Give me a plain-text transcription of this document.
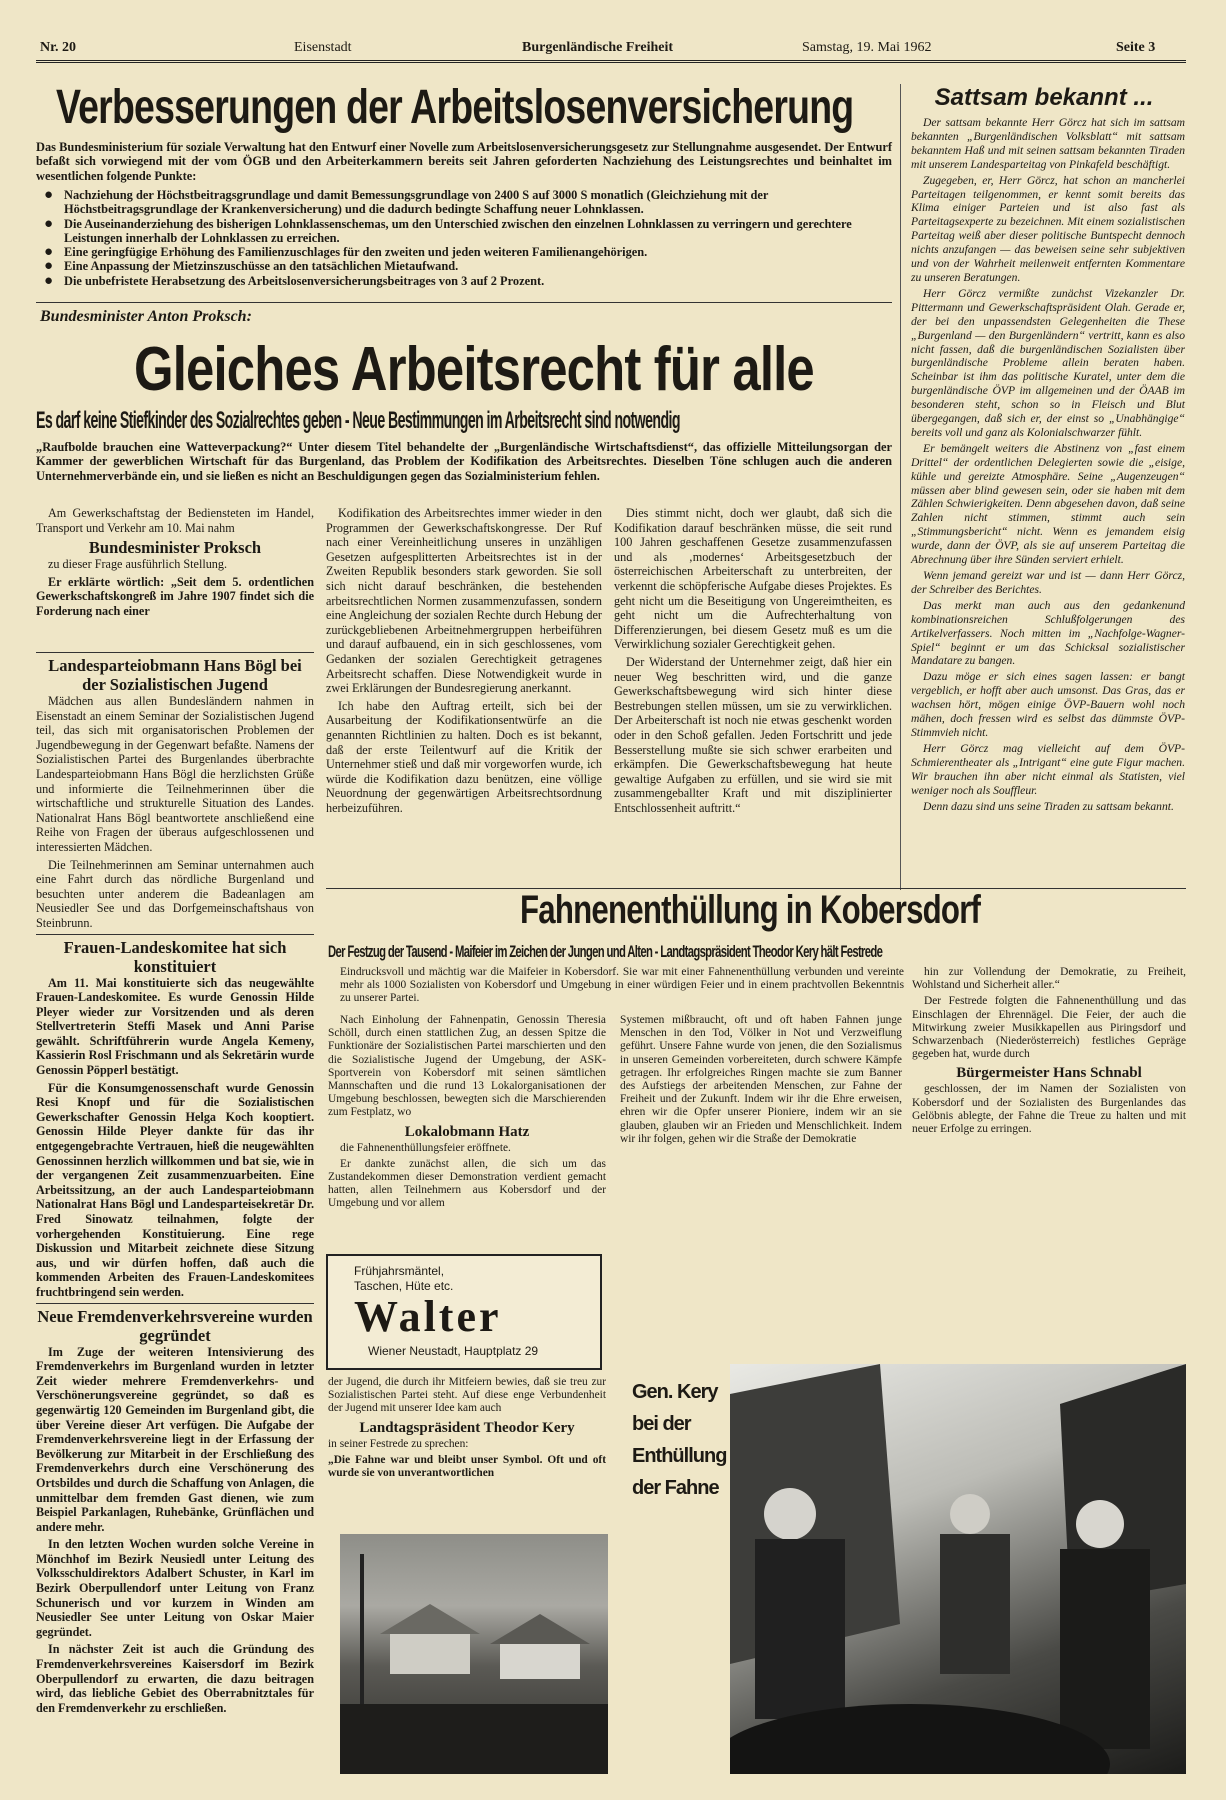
Nr. 20	Eisenstadt	Burgenländische Freiheit	Samstag, 19. Mai 1962	Seite 3
Verbesserungen der Arbeitslosenversicherung
Das Bundesministerium für soziale Verwaltung hat den Entwurf einer Novelle zum Arbeitslosenversicherungsgesetz zur Stellungnahme ausgesendet. Der Entwurf befaßt sich vorwiegend mit der vom ÖGB und den Arbeiterkammern bereits seit Jahren geforderten Nachziehung des Leistungsrechtes und beinhaltet im wesentlichen folgende Punkte:
● Nachziehung der Höchstbeitragsgrundlage und damit Bemessungsgrundlage von 2400 S auf 3000 S monatlich (Gleichziehung mit der Höchstbeitragsgrundlage der Krankenversicherung) und die dadurch bedingte Schaffung neuer Lohnklassen.
● Die Auseinanderziehung des bisherigen Lohnklassenschemas, um den Unterschied zwischen den einzelnen Lohnklassen zu verringern und gerechtere Leistungen innerhalb der Lohnklassen zu erreichen.
● Eine geringfügige Erhöhung des Familienzuschlages für den zweiten und jeden weiteren Familienangehörigen.
● Eine Anpassung der Mietzinszuschüsse an den tatsächlichen Mietaufwand.
● Die unbefristete Herabsetzung des Arbeitslosenversicherungsbeitrages von 3 auf 2 Prozent.
Bundesminister Anton Proksch:
Gleiches Arbeitsrecht für alle
Es darf keine Stiefkinder des Sozialrechtes geben - Neue Bestimmungen im Arbeitsrecht sind notwendig
„Raufbolde brauchen eine Watteverpackung?“ Unter diesem Titel behandelte der „Burgenländische Wirtschaftsdienst“, das offizielle Mitteilungsorgan der Kammer der gewerblichen Wirtschaft für das Burgenland, das Problem der Kodifikation des Arbeitsrechtes. Dieselben Töne schlugen auch die anderen Unternehmerverbände ein, und sie ließen es nicht an Beschuldigungen gegen das Sozialministerium fehlen.

Am Gewerkschaftstag der Bediensteten im Handel, Transport und Verkehr am 10. Mai nahm

Bundesminister Proksch

zu dieser Frage ausführlich Stellung.

Er erklärte wörtlich: „Seit dem 5. ordentlichen Gewerkschaftskongreß im Jahre 1907 findet sich die Forderung nach einer

Kodifikation des Arbeitsrechtes immer wieder in den Programmen der Gewerkschaftskongresse. Der Ruf nach einer Vereinheitlichung unseres in unzähligen Gesetzen aufgesplitterten Arbeitsrechtes ist in der Zweiten Republik besonders stark geworden. Sie soll sich nicht darauf beschränken, die bestehenden arbeitsrechtlichen Normen zusammenzufassen, sondern eine Angleichung der sozialen Rechte durch Hebung der zurückgebliebenen Arbeitnehmergruppen herbeiführen und darauf aufbauend, ein in sich geschlossenes, vom Gedanken der sozialen Gerechtigkeit getragenes Arbeitsrecht schaffen. Diese Notwendigkeit wurde in zwei Erklärungen der Bundesregierung anerkannt.

Ich habe den Auftrag erteilt, sich bei der Ausarbeitung der Kodifikationsentwürfe an die genannten Richtlinien zu halten. Doch es ist bekannt, daß der erste Teilentwurf auf die Kritik der Unternehmer stieß und daß mir vorgeworfen wurde, ich würde die Kodifikation dazu benützen, eine völlige Neuordnung der gegenwärtigen Arbeitsrechtsordnung herbeizuführen.

Dies stimmt nicht, doch wer glaubt, daß sich die Kodifikation darauf beschränken müsse, die seit rund 100 Jahren geschaffenen Gesetze zusammenzufassen und als ‚modernes‘ Arbeitsgesetzbuch der österreichischen Arbeiterschaft zu unterbreiten, der verkennt die schöpferische Aufgabe dieses Projektes. Es geht nicht um die Beseitigung von Ungereimtheiten, es geht nicht um die Aufrechterhaltung von Differenzierungen, bei diesem Gesetz muß es um die Verwirklichung sozialer Gerechtigkeit gehen.

Der Widerstand der Unternehmer zeigt, daß hier ein neuer Weg beschritten wird, und die ganze Gewerkschaftsbewegung wird sich hinter diese Bestrebungen stellen müssen, um sie zu verwirklichen. Der Arbeiterschaft ist noch nie etwas geschenkt worden oder in den Schoß gefallen. Jeden Fortschritt und jede Besserstellung mußte sie sich schwer erarbeiten und erkämpfen. Die Gewerkschaftsbewegung hat heute gewaltige Aufgaben zu erfüllen, und sie wird sie mit zusammengeballter Kraft und mit disziplinierter Entschlossenheit auftritt.“

Sattsam bekannt ...

Der sattsam bekannte Herr Görcz hat sich im sattsam bekannten „Burgenländischen Volksblatt“ mit sattsam bekanntem Haß und mit seinen sattsam bekannten Tiraden mit unserem Landesparteitag von Pinkafeld beschäftigt.

Zugegeben, er, Herr Görcz, hat schon an mancherlei Parteitagen teilgenommen, er kennt somit bereits das Klima einiger Parteien und ist also fast als Parteitagsexperte zu bezeichnen. Mit einem sozialistischen Parteitag weiß aber dieser politische Buntspecht dennoch nichts anzufangen — das beweisen seine sehr subjektiven und von der Wahrheit meilenweit entfernten Kommentare zu unseren Beratungen.

Herr Görcz vermißte zunächst Vizekanzler Dr. Pittermann und Gewerkschaftspräsident Olah. Gerade er, der bei den unpassendsten Gelegenheiten die These „Burgenland — den Burgenländern“ vertritt, kann es also nicht fassen, daß die burgenländischen Sozialisten über burgenländische Probleme allein beraten haben. Scheinbar ist ihm das politische Kuratel, unter dem die burgenländische ÖVP im allgemeinen und der ÖAAB im besonderen steht, schon so in Fleisch und Blut übergegangen, daß sich er, der einst so „Unabhängige“ bereits voll und ganz als Kolonialschwarzer fühlt.

Er bemängelt weiters die Abstinenz von „fast einem Drittel“ der ordentlichen Delegierten sowie die „eisige, kühle und gereizte Atmosphäre. Seine „Augenzeugen“ müssen aber blind gewesen sein, oder sie haben mit dem Zählen Schwierigkeiten. Denn abgesehen davon, daß seine Zahlen nicht stimmen, stimmt auch sein „Stimmungsbericht“ nicht. Wenn es jemandem eisig wurde, dann der ÖVP, als sie auf unserem Parteitag die Abrechnung über ihre Sünden serviert erhielt.

Wenn jemand gereizt war und ist — dann Herr Görcz, der Schreiber des Berichtes.

Das merkt man auch aus den gedankenund kombinationsreichen Schlußfolgerungen des Artikelverfassers. Noch mitten im „Nachfolge-Wagner-Spiel“ beginnt er um das Schicksal sozialistischer Mandatare zu bangen.

Dazu möge er sich eines sagen lassen: er bangt vergeblich, er hofft aber auch umsonst. Das Gras, das er wachsen hört, mögen einige ÖVP-Bauern wohl noch mähen, doch fressen wird es selbst das dümmste ÖVP-Stimmvieh nicht.

Herr Görcz mag vielleicht auf dem ÖVP-Schmierentheater als „Intrigant“ eine gute Figur machen. Wir brauchen ihn aber nicht einmal als Statisten, viel weniger noch als Souffleur.

Denn dazu sind uns seine Tiraden zu sattsam bekannt.

Landesparteiobmann Hans Bögl bei der Sozialistischen Jugend

Mädchen aus allen Bundesländern nahmen in Eisenstadt an einem Seminar der Sozialistischen Jugend teil, das sich mit organisatorischen Problemen der Jugendbewegung in der Gegenwart befaßte. Namens der Sozialistischen Partei des Burgenlandes überbrachte Landesparteiobmann Hans Bögl die herzlichsten Grüße und informierte die Teilnehmerinnen über die wirtschaftliche und strukturelle Situation des Landes. Nationalrat Hans Bögl beantwortete anschließend eine Reihe von Fragen der überaus aufgeschlossenen und interessierten Mädchen.

Die Teilnehmerinnen am Seminar unternahmen auch eine Fahrt durch das nördliche Burgenland und besuchten unter anderem die Badeanlagen am Neusiedler See und das Dorfgemeinschaftshaus von Steinbrunn.

Frauen-Landeskomitee hat sich konstituiert

Am 11. Mai konstituierte sich das neugewählte Frauen-Landeskomitee. Es wurde Genossin Hilde Pleyer wieder zur Vorsitzenden und als deren Stellvertreterin Steffi Masek und Anni Parise gewählt. Schriftführerin wurde Angela Kemeny, Kassierin Rosl Frischmann und als Sekretärin wurde Genossin Pöpperl bestätigt.

Für die Konsumgenossenschaft wurde Genossin Resi Knopf und für die Sozialistischen Gewerkschafter Genossin Helga Koch kooptiert. Genossin Hilde Pleyer dankte für das ihr entgegengebrachte Vertrauen, hieß die neugewählten Genossinnen herzlich willkommen und bat sie, wie in der vergangenen Zeit zusammenzuarbeiten. Eine Arbeitssitzung, an der auch Landesparteiobmann Nationalrat Hans Bögl und Landesparteisekretär Dr. Fred Sinowatz teilnahmen, folgte der vorhergehenden Konstituierung. Eine rege Diskussion und Mitarbeit zeichnete diese Sitzung aus, und wir dürfen hoffen, daß auch die kommenden Arbeiten des Frauen-Landeskomitees fruchtbringend sein werden.

Neue Fremdenverkehrsvereine wurden gegründet

Im Zuge der weiteren Intensivierung des Fremdenverkehrs im Burgenland wurden in letzter Zeit wieder mehrere Fremdenverkehrs- und Verschönerungsvereine gegründet, so daß es gegenwärtig 120 Gemeinden im Burgenland gibt, die über Vereine dieser Art verfügen. Die Aufgabe der Fremdenverkehrsvereine liegt in der Erfassung der Bevölkerung zur Mitarbeit in der Erschließung des Fremdenverkehrs durch eine Verschönerung des Ortsbildes und durch die Schaffung von Anlagen, die unmittelbar dem fremden Gast dienen, wie zum Beispiel Parkanlagen, Ruhebänke, Grünflächen und andere mehr.

In den letzten Wochen wurden solche Vereine in Mönchhof im Bezirk Neusiedl unter Leitung des Volksschuldirektors Adalbert Schuster, in Karl im Bezirk Oberpullendorf unter Leitung von Franz Schunerisch und vor kurzem in Winden am Neusiedler See unter Leitung von Oskar Maier gegründet.

In nächster Zeit ist auch die Gründung des Fremdenverkehrsvereines Kaisersdorf im Bezirk Oberpullendorf zu erwarten, die dazu beitragen wird, das liebliche Gebiet des Oberrabnitztales für den Fremdenverkehr zu erschließen.

Fahnenenthüllung in Kobersdorf
Der Festzug der Tausend - Maifeier im Zeichen der Jungen und Alten - Landtagspräsident Theodor Kery hält Festrede
Eindrucksvoll und mächtig war die Maifeier in Kobersdorf. Sie war mit einer Fahnenenthüllung verbunden und vereinte mehr als 1000 Sozialisten von Kobersdorf und Umgebung in einer würdigen Feier und in einem prachtvollen Bekenntnis zu unserer Partei.

Nach Einholung der Fahnenpatin, Genossin Theresia Schöll, durch einen stattlichen Zug, an dessen Spitze die Funktionäre der Sozialistischen Partei marschierten und den die Sozialistische Jugend der Umgebung, der ASK-Sportverein von Kobersdorf mit seinen sämtlichen Mannschaften und die rund 13 Lokalorganisationen der Umgebung beschlossen, bewegten sich die Marschierenden zum Festplatz, wo

Lokalobmann Hatz

die Fahnenenthüllungsfeier eröffnete.

Er dankte zunächst allen, die sich um das Zustandekommen dieser Demonstration verdient gemacht hatten, allen Teilnehmern aus Kobersdorf und der Umgebung und vor allem

Systemen mißbraucht, oft und oft haben Fahnen junge Menschen in den Tod, Völker in Not und Verzweiflung geführt. Unsere Fahne wurde von jenen, die den Sozialismus in unseren Gemeinden vorbereiteten, durch schwere Kämpfe getragen. Ihr erfolgreiches Ringen machte sie zum Banner des Aufstiegs der arbeitenden Menschen, zur Fahne der Freiheit und der Zukunft. Indem wir ihr die Ehre erweisen, ehren wir die Opfer unserer Pioniere, indem wir an sie glauben, glauben wir an Frieden und Menschlichkeit. Indem wir ihr folgen, gehen wir die Straße der Demokratie

hin zur Vollendung der Demokratie, zu Freiheit, Wohlstand und Sicherheit aller.“

Der Festrede folgten die Fahnenenthüllung und das Einschlagen der Ehrennägel. Die Feier, der auch die Mitwirkung zweier Musikkapellen aus Piringsdorf und Schwarzenbach (Niederösterreich) festliches Gepräge gegeben hat, wurde durch

Bürgermeister Hans Schnabl

geschlossen, der im Namen der Sozialisten von Kobersdorf und der Sozialisten des Burgenlandes das Gelöbnis ablegte, der Fahne die Treue zu halten und mit neuer Erfolge zu erringen.

Frühjahrsmäntel,
Taschen, Hüte etc.
Walter
Wiener Neustadt, Hauptplatz 29

der Jugend, die durch ihr Mitfeiern bewies, daß sie treu zur Sozialistischen Partei steht. Auf diese enge Verbundenheit der Jugend mit unserer Idee kam auch

Landtagspräsident Theodor Kery

in seiner Festrede zu sprechen:

„Die Fahne war und bleibt unser Symbol. Oft und oft wurde sie von unverantwortlichen

Gen. Kery bei der Enthüllung der Fahne
